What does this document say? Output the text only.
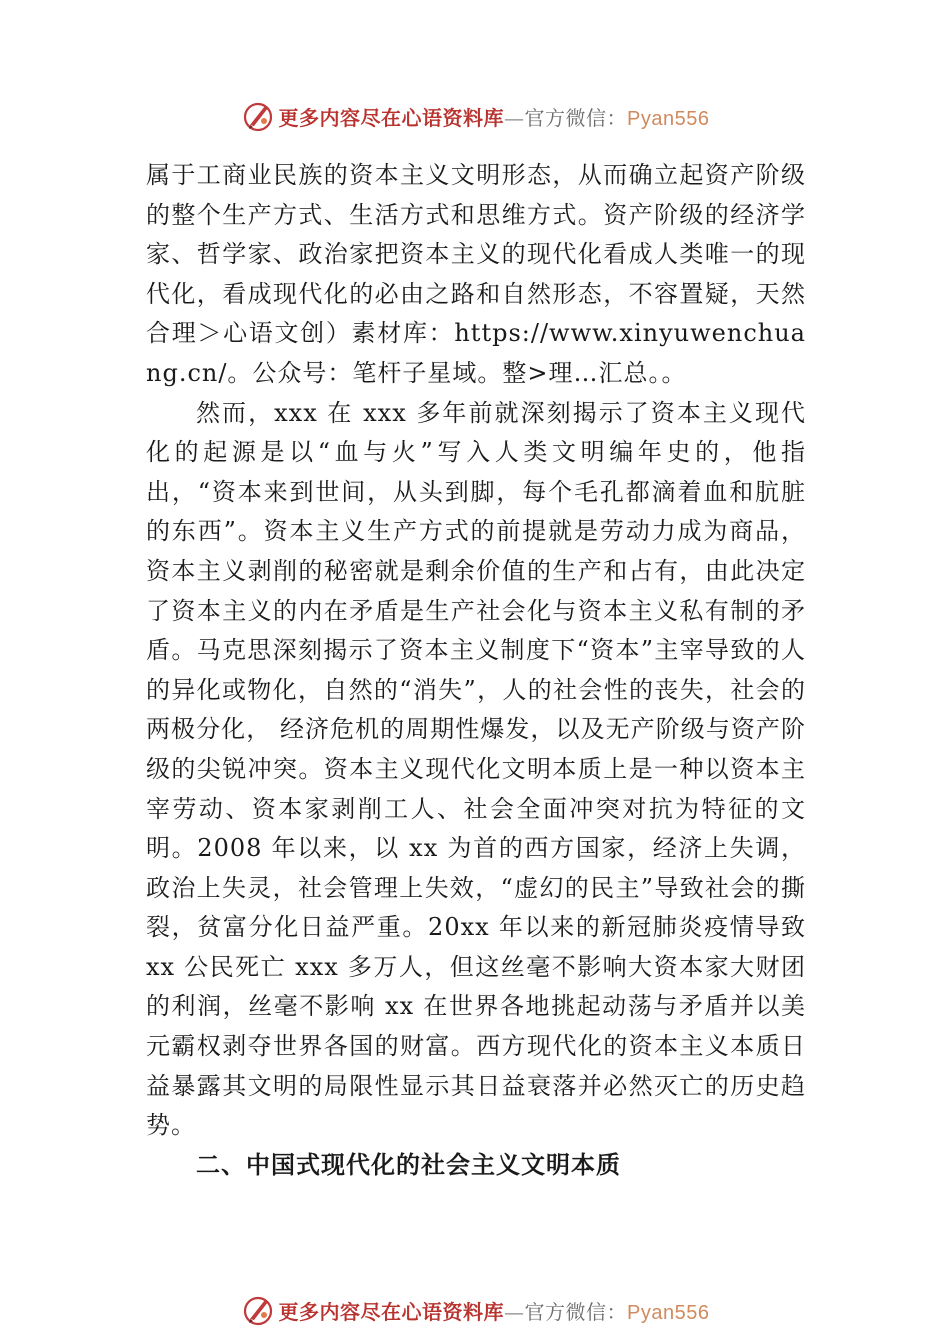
更多内容尽在心语资料库—官方微信：Pyan556

属于工商业民族的资本主义文明形态，从而确立起资产阶级的整个生产方式、生活方式和思维方式。资产阶级的经济学家、哲学家、政治家把资本主义的现代化看成人类唯一的现代化，看成现代化的必由之路和自然形态，不容置疑，天然合理＞心语文创）素材库：https://www.xinyuwenchuang.cn/。公众号：笔杆子星域。整>理…汇总。。

然而，xxx 在 xxx 多年前就深刻揭示了资本主义现代化的起源是以“血与火”写入人类文明编年史的，他指出，“资本来到世间，从头到脚，每个毛孔都滴着血和肮脏的东西”。资本主义生产方式的前提就是劳动力成为商品，资本主义剥削的秘密就是剩余价值的生产和占有，由此决定了资本主义的内在矛盾是生产社会化与资本主义私有制的矛盾。马克思深刻揭示了资本主义制度下“资本”主宰导致的人的异化或物化，自然的“消失”，人的社会性的丧失，社会的两极分化， 经济危机的周期性爆发，以及无产阶级与资产阶级的尖锐冲突。资本主义现代化文明本质上是一种以资本主宰劳动、资本家剥削工人、社会全面冲突对抗为特征的文明。2008 年以来，以 xx 为首的西方国家，经济上失调，政治上失灵，社会管理上失效，“虚幻的民主”导致社会的撕裂，贫富分化日益严重。20xx 年以来的新冠肺炎疫情导致 xx 公民死亡 xxx 多万人，但这丝毫不影响大资本家大财团的利润，丝毫不影响 xx 在世界各地挑起动荡与矛盾并以美元霸权剥夺世界各国的财富。西方现代化的资本主义本质日益暴露其文明的局限性显示其日益衰落并必然灭亡的历史趋势。

二、中国式现代化的社会主义文明本质

更多内容尽在心语资料库—官方微信：Pyan556
